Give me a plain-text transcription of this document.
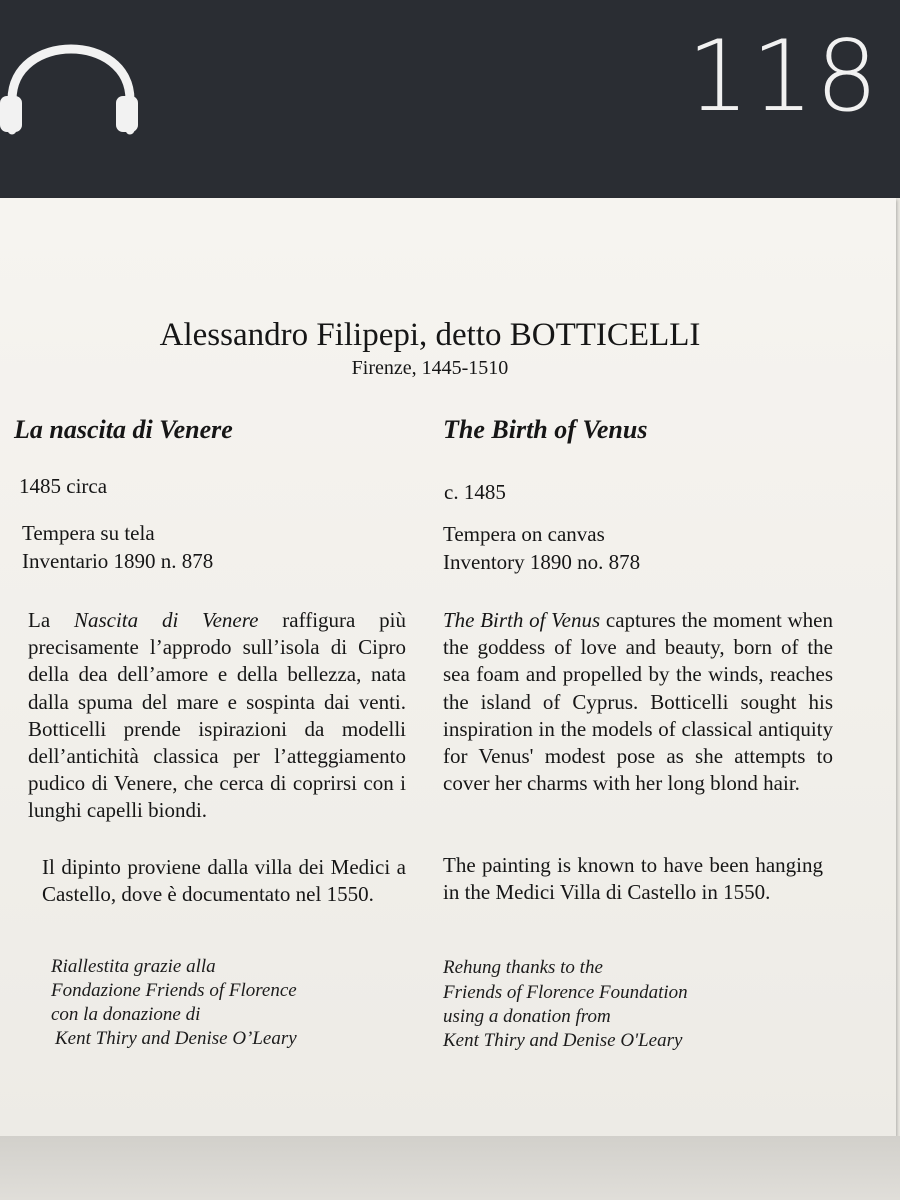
118
Alessandro Filipepi, detto BOTTICELLI
Firenze, 1445-1510
La nascita di Venere
1485 circa
Tempera su tela
Inventario 1890 n. 878
La Nascita di Venere raffigura più precisamente l’approdo sull’isola di Cipro della dea dell’amore e della bellezza, nata dalla spuma del mare e sospinta dai venti. Botticelli prende ispirazioni da modelli dell’antichità classica per l’atteggiamento pudico di Venere, che cerca di coprirsi con i lunghi capelli biondi.
Il dipinto proviene dalla villa dei Medici a Castello, dove è documentato nel 1550.
Riallestita grazie alla
Fondazione Friends of Florence
con la donazione di
Kent Thiry and Denise O’Leary
The Birth of Venus
c. 1485
Tempera on canvas
Inventory 1890 no. 878
The Birth of Venus captures the moment when the goddess of love and beauty, born of the sea foam and propelled by the winds, reaches the island of Cyprus. Botticelli sought his inspiration in the models of classical antiquity for Venus' modest pose as she attempts to cover her charms with her long blond hair.
The painting is known to have been hanging in the Medici Villa di Castello in 1550.
Rehung thanks to the
Friends of Florence Foundation
using a donation from
Kent Thiry and Denise O'Leary
